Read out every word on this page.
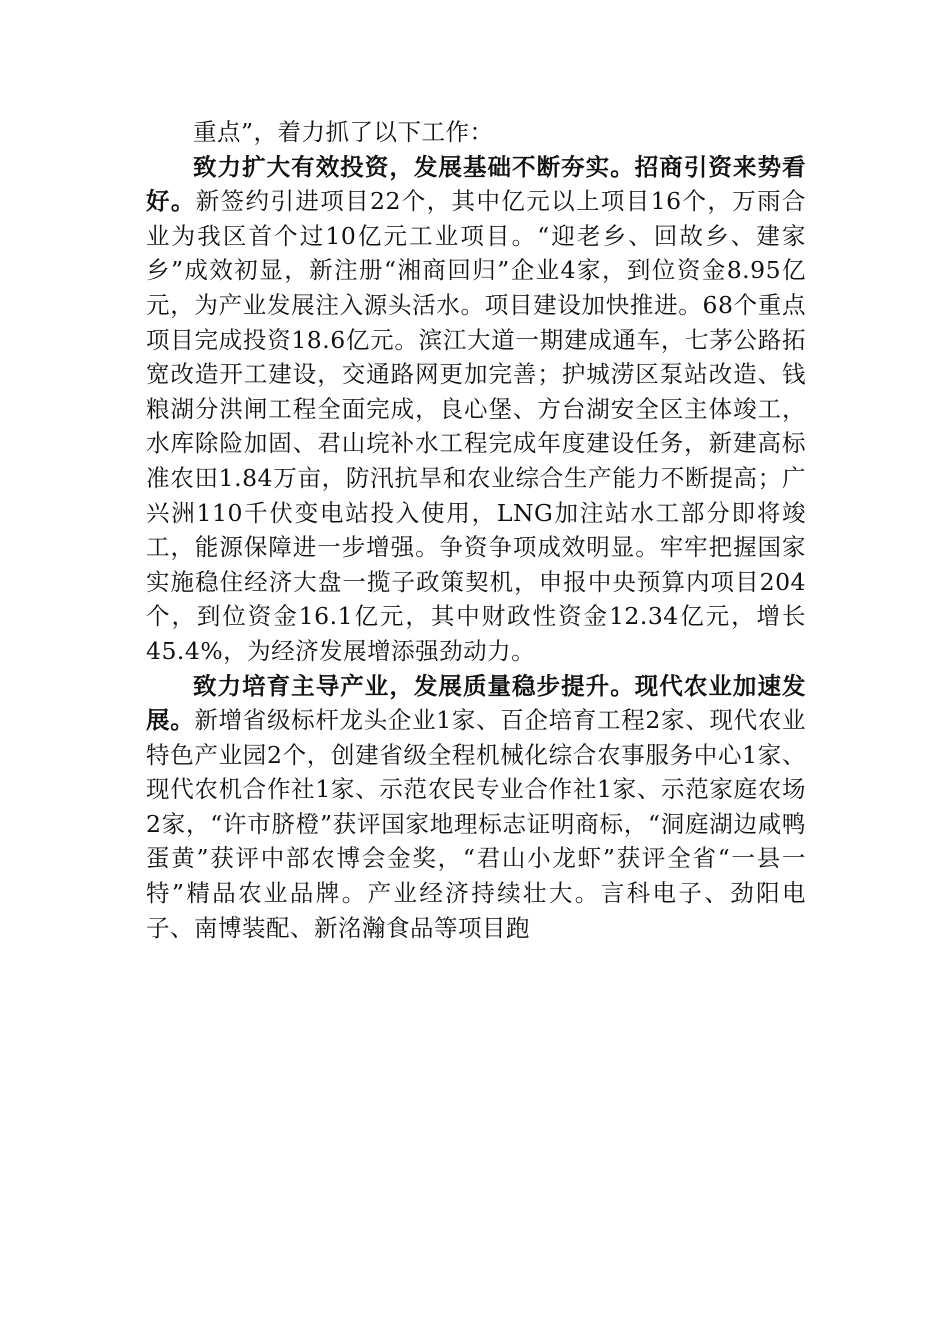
重点”，着力抓了以下工作：

致力扩大有效投资，发展基础不断夯实。招商引资来势看好。新签约引进项目22个，其中亿元以上项目16个，万雨合业为我区首个过10亿元工业项目。“迎老乡、回故乡、建家乡”成效初显，新注册“湘商回归”企业4家，到位资金8.95亿元，为产业发展注入源头活水。项目建设加快推进。68个重点项目完成投资18.6亿元。滨江大道一期建成通车，七茅公路拓宽改造开工建设，交通路网更加完善；护城涝区泵站改造、钱粮湖分洪闸工程全面完成，良心堡、方台湖安全区主体竣工，水库除险加固、君山垸补水工程完成年度建设任务，新建高标准农田1.84万亩，防汛抗旱和农业综合生产能力不断提高；广兴洲110千伏变电站投入使用，LNG加注站水工部分即将竣工，能源保障进一步增强。争资争项成效明显。牢牢把握国家实施稳住经济大盘一揽子政策契机，申报中央预算内项目204个，到位资金16.1亿元，其中财政性资金12.34亿元，增长45.4%，为经济发展增添强劲动力。

致力培育主导产业，发展质量稳步提升。现代农业加速发展。新增省级标杆龙头企业1家、百企培育工程2家、现代农业特色产业园2个，创建省级全程机械化综合农事服务中心1家、现代农机合作社1家、示范农民专业合作社1家、示范家庭农场2家，“许市脐橙”获评国家地理标志证明商标，“洞庭湖边咸鸭蛋黄”获评中部农博会金奖，“君山小龙虾”获评全省“一县一特”精品农业品牌。产业经济持续壮大。言科电子、劲阳电子、南博装配、新洺瀚食品等项目跑
